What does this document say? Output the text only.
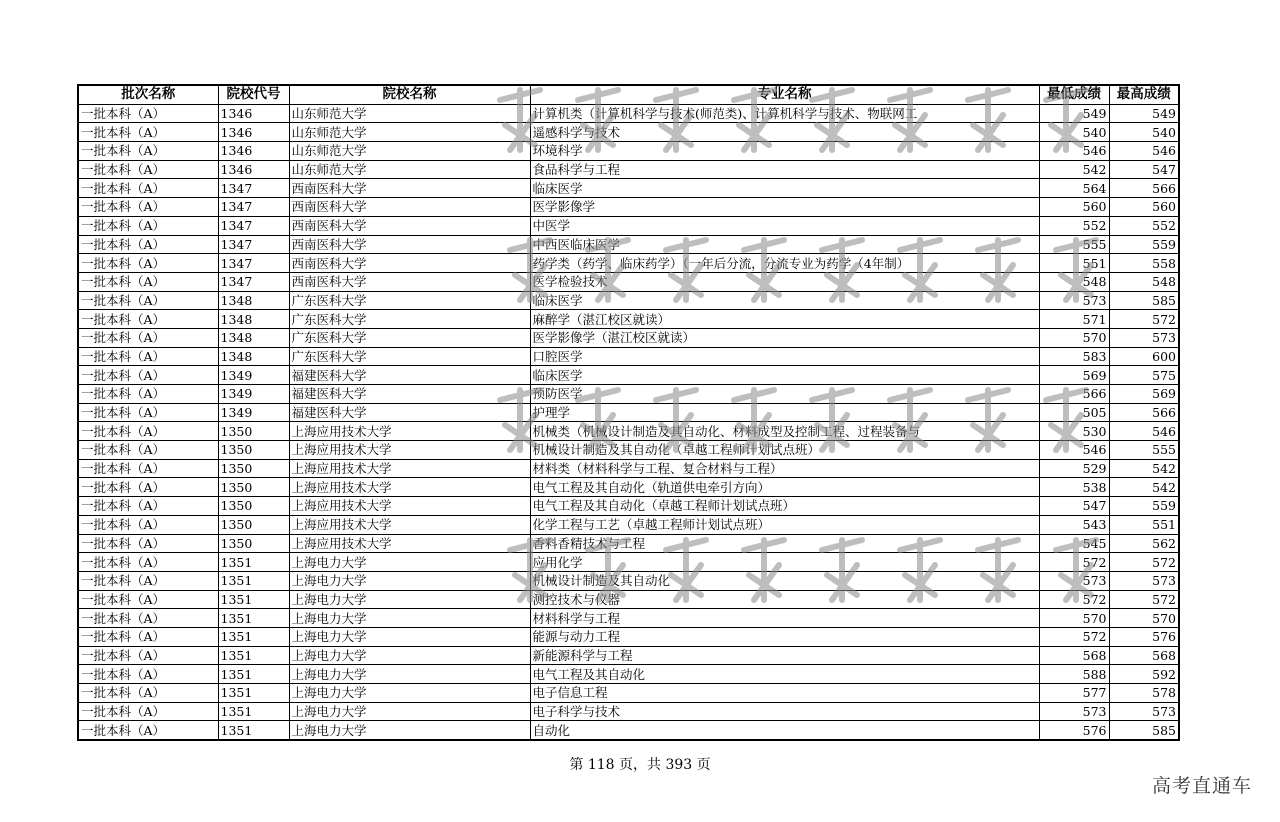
批次名称	院校代号	院校名称	专业名称	最低成绩	最高成绩
一批本科（A）	1346	山东师范大学	计算机类（计算机科学与技术(师范类)、计算机科学与技术、物联网工	549	549
一批本科（A）	1346	山东师范大学	遥感科学与技术	540	540
一批本科（A）	1346	山东师范大学	环境科学	546	546
一批本科（A）	1346	山东师范大学	食品科学与工程	542	547
一批本科（A）	1347	西南医科大学	临床医学	564	566
一批本科（A）	1347	西南医科大学	医学影像学	560	560
一批本科（A）	1347	西南医科大学	中医学	552	552
一批本科（A）	1347	西南医科大学	中西医临床医学	555	559
一批本科（A）	1347	西南医科大学	药学类（药学、临床药学）（一年后分流，分流专业为药学（4年制）	551	558
一批本科（A）	1347	西南医科大学	医学检验技术	548	548
一批本科（A）	1348	广东医科大学	临床医学	573	585
一批本科（A）	1348	广东医科大学	麻醉学（湛江校区就读）	571	572
一批本科（A）	1348	广东医科大学	医学影像学（湛江校区就读）	570	573
一批本科（A）	1348	广东医科大学	口腔医学	583	600
一批本科（A）	1349	福建医科大学	临床医学	569	575
一批本科（A）	1349	福建医科大学	预防医学	566	569
一批本科（A）	1349	福建医科大学	护理学	505	566
一批本科（A）	1350	上海应用技术大学	机械类（机械设计制造及其自动化、材料成型及控制工程、过程装备与	530	546
一批本科（A）	1350	上海应用技术大学	机械设计制造及其自动化（卓越工程师计划试点班）	546	555
一批本科（A）	1350	上海应用技术大学	材料类（材料科学与工程、复合材料与工程）	529	542
一批本科（A）	1350	上海应用技术大学	电气工程及其自动化（轨道供电牵引方向）	538	542
一批本科（A）	1350	上海应用技术大学	电气工程及其自动化（卓越工程师计划试点班）	547	559
一批本科（A）	1350	上海应用技术大学	化学工程与工艺（卓越工程师计划试点班）	543	551
一批本科（A）	1350	上海应用技术大学	香料香精技术与工程	545	562
一批本科（A）	1351	上海电力大学	应用化学	572	572
一批本科（A）	1351	上海电力大学	机械设计制造及其自动化	573	573
一批本科（A）	1351	上海电力大学	测控技术与仪器	572	572
一批本科（A）	1351	上海电力大学	材料科学与工程	570	570
一批本科（A）	1351	上海电力大学	能源与动力工程	572	576
一批本科（A）	1351	上海电力大学	新能源科学与工程	568	568
一批本科（A）	1351	上海电力大学	电气工程及其自动化	588	592
一批本科（A）	1351	上海电力大学	电子信息工程	577	578
一批本科（A）	1351	上海电力大学	电子科学与技术	573	573
一批本科（A）	1351	上海电力大学	自动化	576	585
第 118 页，共 393 页
高考直通车
